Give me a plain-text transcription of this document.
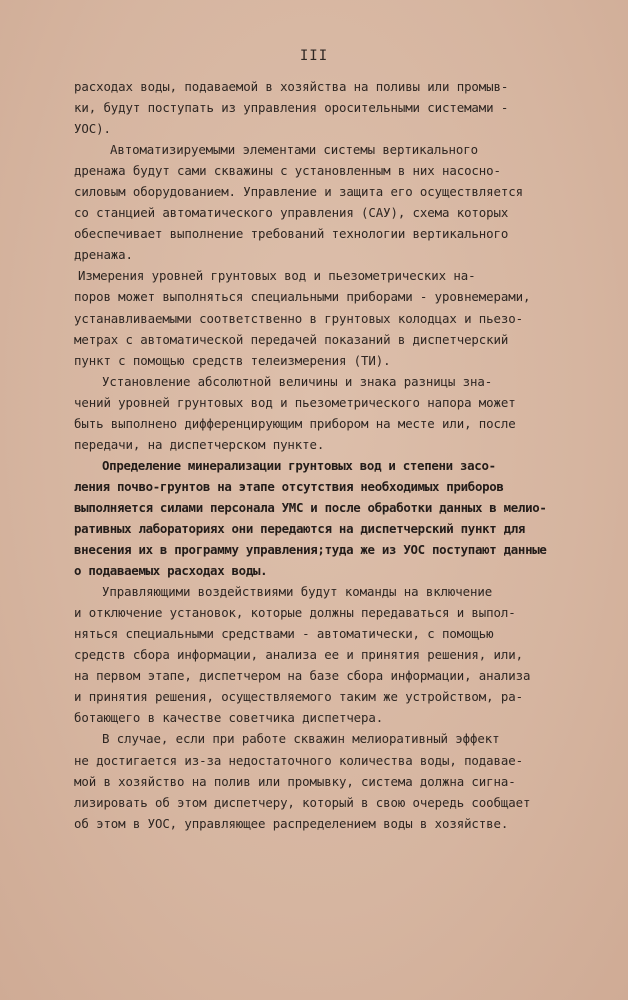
III
расходах воды, подаваемой в хозяйства на поливы или промыв-
ки, будут поступать из управления оросительными системами -
УОС).
Автоматизируемыми элементами системы вертикального
дренажа будут сами скважины с установленным в них насосно-
силовым оборудованием. Управление и защита его осуществляется
со станцией автоматического управления (САУ), схема которых
обеспечивает выполнение требований технологии вертикального
дренажа.
Измерения уровней грунтовых вод и пьезометрических на-
поров может выполняться специальными приборами - уровнемерами,
устанавливаемыми соответственно в грунтовых колодцах и пьезо-
метрах с автоматической передачей показаний в диспетчерский
пункт с помощью средств телеизмерения (ТИ).
Установление абсолютной величины и знака разницы зна-
чений уровней грунтовых вод и пьезометрического напора может
быть выполнено дифференцирующим прибором на месте или, после
передачи, на диспетчерском пункте.
Определение минерализации грунтовых вод и степени засо-
ления почво-грунтов на этапе отсутствия необходимых приборов
выполняется силами персонала УМС и после обработки данных в мелио-
ративных лабораториях они передаются на диспетчерский пункт для
внесения их в программу управления;туда же из УОС поступают данные
о подаваемых расходах воды.
Управляющими воздействиями будут команды на включение
и отключение установок, которые должны передаваться и выпол-
няться специальными средствами - автоматически, с помощью
средств сбора информации, анализа ее и принятия решения, или,
на первом этапе, диспетчером на базе сбора информации, анализа
и принятия решения, осуществляемого таким же устройством, ра-
ботающего в качестве советчика диспетчера.
В случае, если при работе скважин мелиоративный эффект
не достигается из-за недостаточного количества воды, подавае-
мой в хозяйство на полив или промывку, система должна сигна-
лизировать об этом диспетчеру, который в свою очередь сообщает
об этом в УОС, управляющее распределением воды в хозяйстве.
